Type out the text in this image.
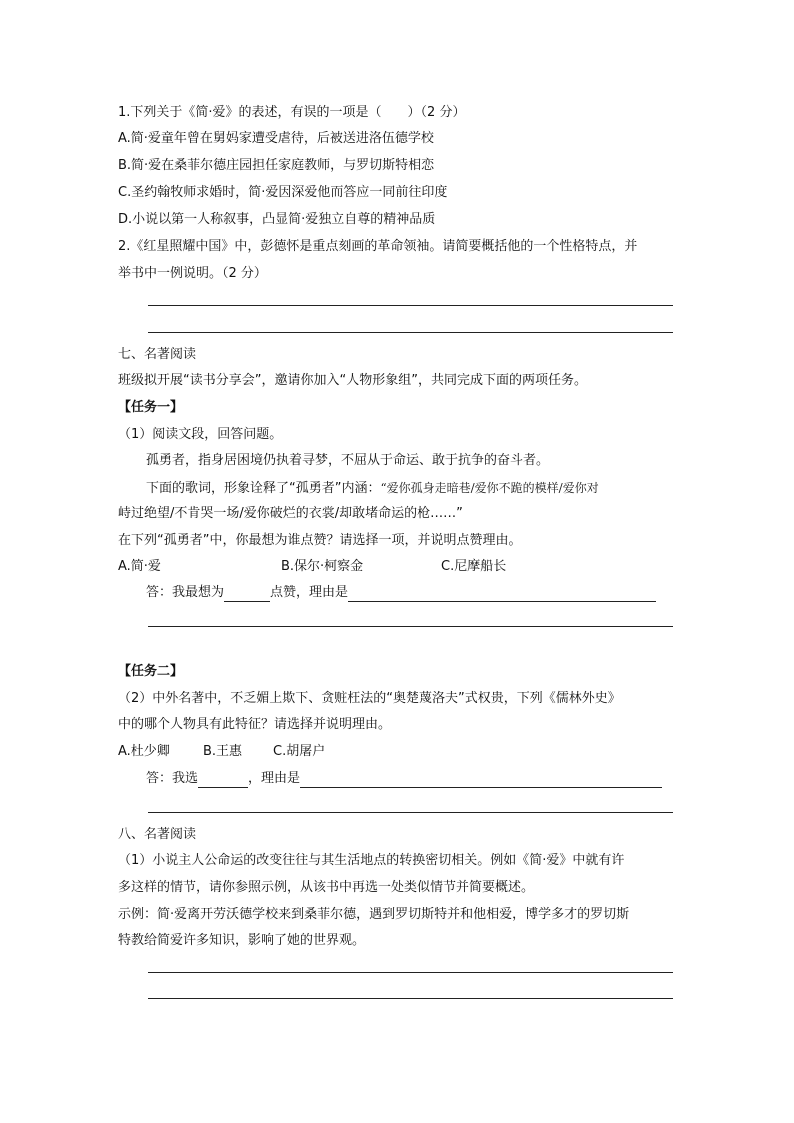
1.下列关于《简·爱》的表述，有误的一项是（　　）（2 分）
A.简·爱童年曾在舅妈家遭受虐待，后被送进洛伍德学校
B.简·爱在桑菲尔德庄园担任家庭教师，与罗切斯特相恋
C.圣约翰牧师求婚时，简·爱因深爱他而答应一同前往印度
D.小说以第一人称叙事，凸显简·爱独立自尊的精神品质
2.《红星照耀中国》中，彭德怀是重点刻画的革命领袖。请简要概括他的一个性格特点，并
举书中一例说明。（2 分）
七、名著阅读
班级拟开展“读书分享会”，邀请你加入“人物形象组”，共同完成下面的两项任务。
【任务一】
（1）阅读文段，回答问题。
孤勇者，指身居困境仍执着寻梦，不屈从于命运、敢于抗争的奋斗者。
下面的歌词，形象诠释了“孤勇者”内涵：“爱你孤身走暗巷/爱你不跪的模样/爱你对
峙过绝望/不肯哭一场/爱你破烂的衣裳/却敢堵命运的枪……”
在下列“孤勇者”中，你最想为谁点赞？请选择一项，并说明点赞理由。
A.简·爱	B.保尔·柯察金	C.尼摩船长
答：我最想为	点赞，理由是
【任务二】
（2）中外名著中，不乏媚上欺下、贪赃枉法的“奥楚蔑洛夫”式权贵，下列《儒林外史》
中的哪个人物具有此特征？请选择并说明理由。
A.杜少卿	B.王惠 C.胡屠户
答：我选	，理由是
八、名著阅读
（1）小说主人公命运的改变往往与其生活地点的转换密切相关。例如《简·爱》中就有许
多这样的情节，请你参照示例，从该书中再选一处类似情节并简要概述。
示例：简·爱离开劳沃德学校来到桑菲尔德，遇到罗切斯特并和他相爱，博学多才的罗切斯
特教给简爱许多知识，影响了她的世界观。
